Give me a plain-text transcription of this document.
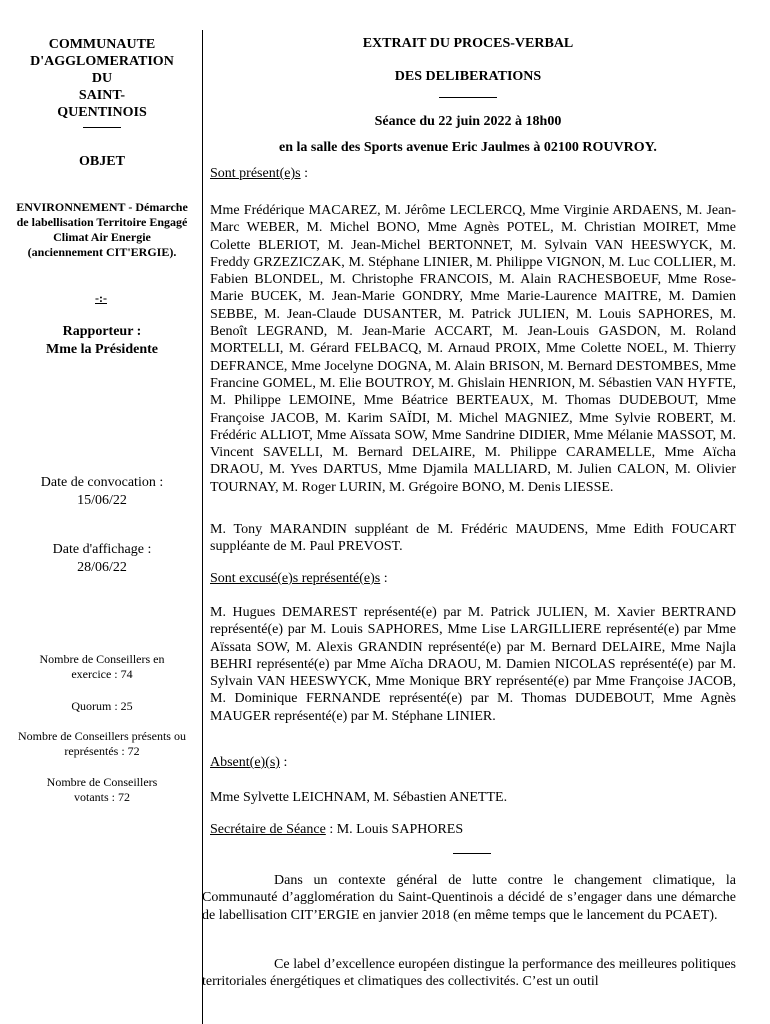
COMMUNAUTE
D'AGGLOMERATION
DU
SAINT-
QUENTINOIS
OBJET
ENVIRONNEMENT - Démarche de labellisation Territoire Engagé Climat Air Energie (anciennement CIT'ERGIE).
-:-
Rapporteur :
Mme la Présidente
Date de convocation :
15/06/22
Date d'affichage :
28/06/22
Nombre de Conseillers en exercice : 74
Quorum : 25
Nombre de Conseillers présents ou représentés : 72
Nombre de Conseillers votants : 72
EXTRAIT DU PROCES-VERBAL
DES DELIBERATIONS
Séance du 22 juin 2022 à 18h00
en la salle des Sports avenue Eric Jaulmes à 02100 ROUVROY.
Sont présent(e)s :
Mme Frédérique MACAREZ, M. Jérôme LECLERCQ, Mme Virginie ARDAENS, M. Jean-Marc WEBER, M. Michel BONO, Mme Agnès POTEL, M. Christian MOIRET, Mme Colette BLERIOT, M. Jean-Michel BERTONNET, M. Sylvain VAN HEESWYCK, M. Freddy GRZEZICZAK, M. Stéphane LINIER, M. Philippe VIGNON, M. Luc COLLIER, M. Fabien BLONDEL, M. Christophe FRANCOIS, M. Alain RACHESBOEUF, Mme Rose-Marie BUCEK, M. Jean-Marie GONDRY, Mme Marie-Laurence MAITRE, M. Damien SEBBE, M. Jean-Claude DUSANTER, M. Patrick JULIEN, M. Louis SAPHORES, M. Benoît LEGRAND, M. Jean-Marie ACCART, M. Jean-Louis GASDON, M. Roland MORTELLI, M. Gérard FELBACQ, M. Arnaud PROIX, Mme Colette NOEL, M. Thierry DEFRANCE, Mme Jocelyne DOGNA, M. Alain BRISON, M. Bernard DESTOMBES, Mme Francine GOMEL, M. Elie BOUTROY, M. Ghislain HENRION, M. Sébastien VAN HYFTE, M. Philippe LEMOINE, Mme Béatrice BERTEAUX, M. Thomas DUDEBOUT, Mme Françoise JACOB, M. Karim SAÏDI, M. Michel MAGNIEZ, Mme Sylvie ROBERT, M. Frédéric ALLIOT, Mme Aïssata SOW, Mme Sandrine DIDIER, Mme Mélanie MASSOT, M. Vincent SAVELLI, M. Bernard DELAIRE, M. Philippe CARAMELLE, Mme Aïcha DRAOU, M. Yves DARTUS, Mme Djamila MALLIARD, M. Julien CALON, M. Olivier TOURNAY, M. Roger LURIN, M. Grégoire BONO, M. Denis LIESSE.
M. Tony MARANDIN suppléant de M. Frédéric MAUDENS, Mme Edith FOUCART suppléante de M. Paul PREVOST.
Sont excusé(e)s représenté(e)s :
M. Hugues DEMAREST représenté(e) par M. Patrick JULIEN, M. Xavier BERTRAND représenté(e) par M. Louis SAPHORES, Mme Lise LARGILLIERE représenté(e) par Mme Aïssata SOW, M. Alexis GRANDIN représenté(e) par M. Bernard DELAIRE, Mme Najla BEHRI représenté(e) par Mme Aïcha DRAOU, M. Damien NICOLAS représenté(e) par M. Sylvain VAN HEESWYCK, Mme Monique BRY représenté(e) par Mme Françoise JACOB, M. Dominique FERNANDE représenté(e) par M. Thomas DUDEBOUT, Mme Agnès MAUGER représenté(e) par M. Stéphane LINIER.
Absent(e)(s) :
Mme Sylvette LEICHNAM, M. Sébastien ANETTE.
Secrétaire de Séance : M. Louis SAPHORES
Dans un contexte général de lutte contre le changement climatique, la Communauté d’agglomération du Saint-Quentinois a décidé de s’engager dans une démarche de labellisation CIT’ERGIE en janvier 2018 (en même temps que le lancement du PCAET).
Ce label d’excellence européen distingue la performance des meilleures politiques territoriales énergétiques et climatiques des collectivités. C’est un outil
